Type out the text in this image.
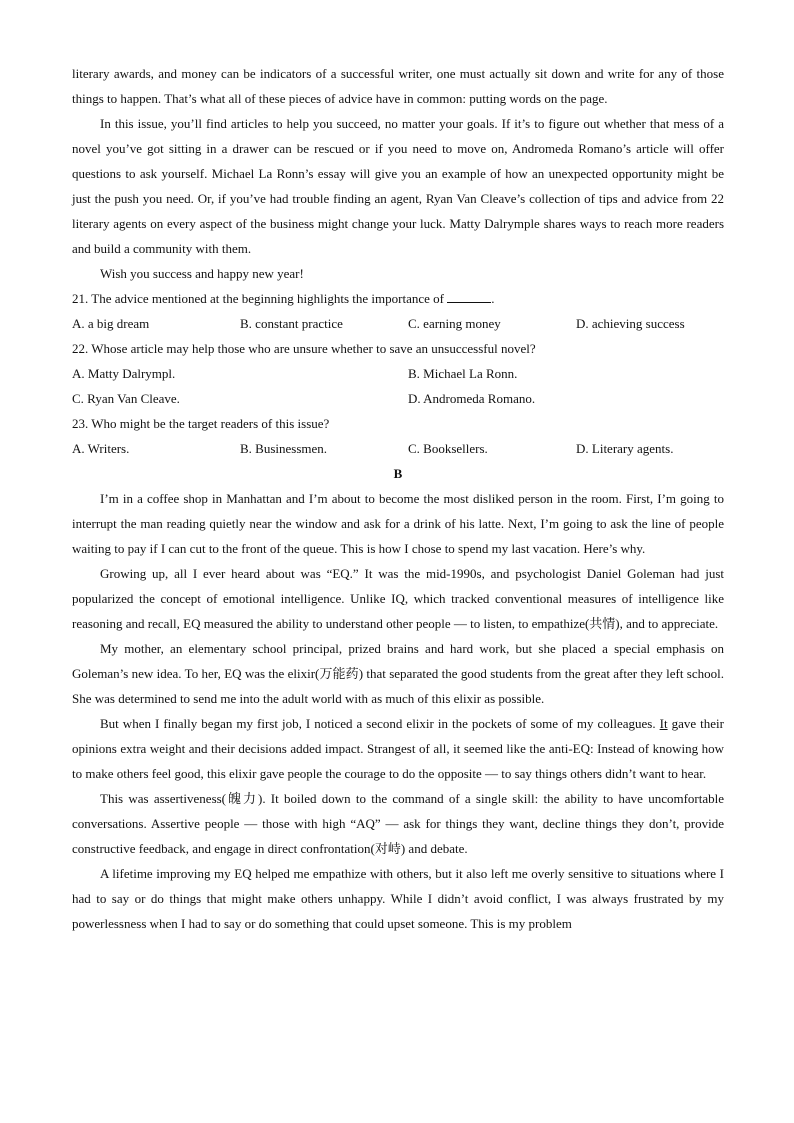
literary awards, and money can be indicators of a successful writer, one must actually sit down and write for any of those things to happen. That’s what all of these pieces of advice have in common: putting words on the page.

In this issue, you’ll find articles to help you succeed, no matter your goals. If it’s to figure out whether that mess of a novel you’ve got sitting in a drawer can be rescued or if you need to move on, Andromeda Romano’s article will offer questions to ask yourself. Michael La Ronn’s essay will give you an example of how an unexpected opportunity might be just the push you need. Or, if you’ve had trouble finding an agent, Ryan Van Cleave’s collection of tips and advice from 22 literary agents on every aspect of the business might change your luck. Matty Dalrymple shares ways to reach more readers and build a community with them.

Wish you success and happy new year!

21. The advice mentioned at the beginning highlights the importance of	.

A. a big dream	B. constant practice	C. earning money	D. achieving success

22. Whose article may help those who are unsure whether to save an unsuccessful novel?

A. Matty Dalrympl.	B. Michael La Ronn.
C. Ryan Van Cleave.	D. Andromeda Romano.

23. Who might be the target readers of this issue?

A. Writers.	B. Businessmen.	C. Booksellers.	D. Literary agents.

B

I’m in a coffee shop in Manhattan and I’m about to become the most disliked person in the room. First, I’m going to interrupt the man reading quietly near the window and ask for a drink of his latte. Next, I’m going to ask the line of people waiting to pay if I can cut to the front of the queue. This is how I chose to spend my last vacation. Here’s why.

Growing up, all I ever heard about was “EQ.” It was the mid-1990s, and psychologist Daniel Goleman had just popularized the concept of emotional intelligence. Unlike IQ, which tracked conventional measures of intelligence like reasoning and recall, EQ measured the ability to understand other people — to listen, to empathize(共情), and to appreciate.

My mother, an elementary school principal, prized brains and hard work, but she placed a special emphasis on Goleman’s new idea. To her, EQ was the elixir(万能药) that separated the good students from the great after they left school. She was determined to send me into the adult world with as much of this elixir as possible.

But when I finally began my first job, I noticed a second elixir in the pockets of some of my colleagues. It gave their opinions extra weight and their decisions added impact. Strangest of all, it seemed like the anti-EQ: Instead of knowing how to make others feel good, this elixir gave people the courage to do the opposite — to say things others didn’t want to hear.

This was assertiveness(魄力). It boiled down to the command of a single skill: the ability to have uncomfortable conversations. Assertive people — those with high “AQ” — ask for things they want, decline things they don’t, provide constructive feedback, and engage in direct confrontation(对峙) and debate.

A lifetime improving my EQ helped me empathize with others, but it also left me overly sensitive to situations where I had to say or do things that might make others unhappy. While I didn’t avoid conflict, I was always frustrated by my powerlessness when I had to say or do something that could upset someone. This is my problem
